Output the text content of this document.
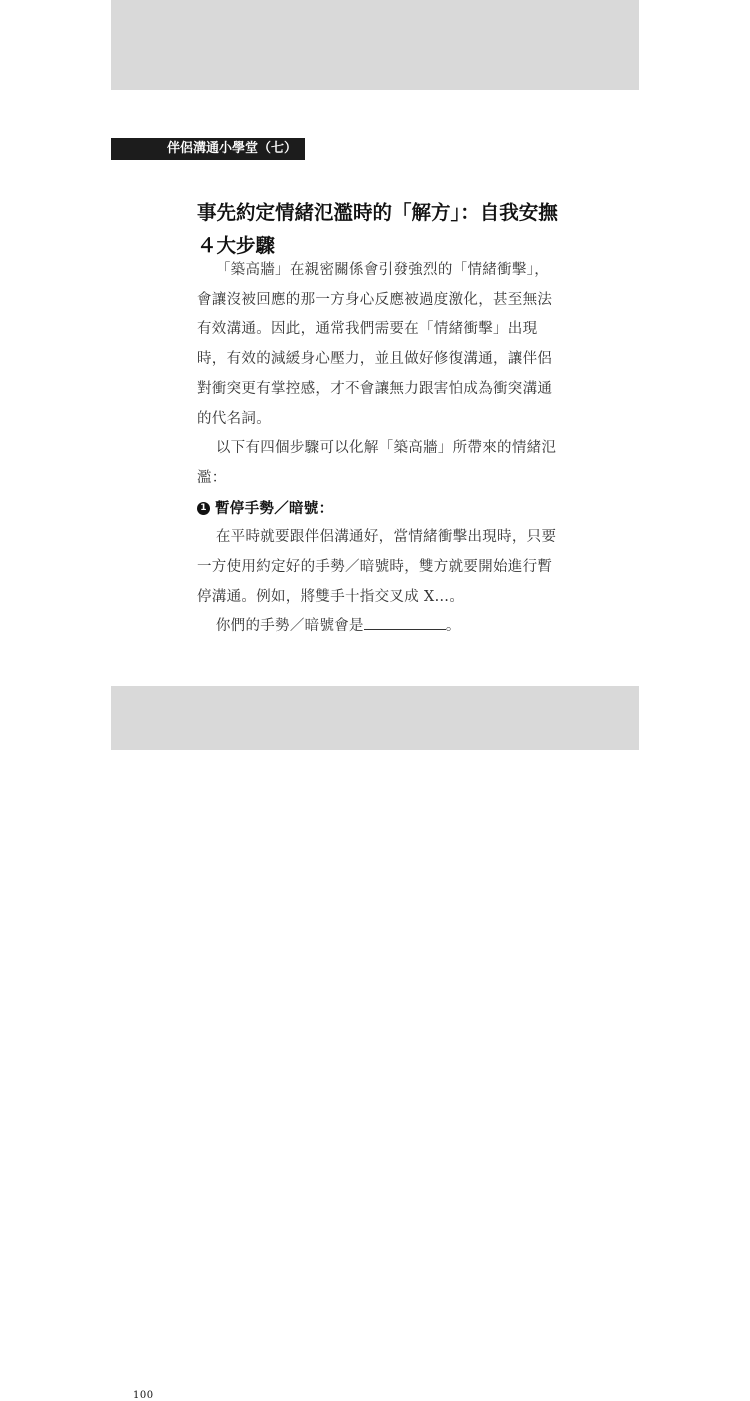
伴侶溝通小學堂（七）
事先約定情緒氾濫時的「解方」：自我安撫４大步驟

「築高牆」在親密關係會引發強烈的「情緒衝擊」，會讓沒被回應的那一方身心反應被過度激化，甚至無法有效溝通。因此，通常我們需要在「情緒衝擊」出現時，有效的減緩身心壓力，並且做好修復溝通，讓伴侶對衝突更有掌控感，才不會讓無力跟害怕成為衝突溝通的代名詞。

以下有四個步驟可以化解「築高牆」所帶來的情緒氾濫：

1 暫停手勢／暗號：

在平時就要跟伴侶溝通好，當情緒衝擊出現時，只要一方使用約定好的手勢／暗號時，雙方就要開始進行暫停溝通。例如，將雙手十指交叉成 X…。

你們的手勢／暗號會是	。

100
